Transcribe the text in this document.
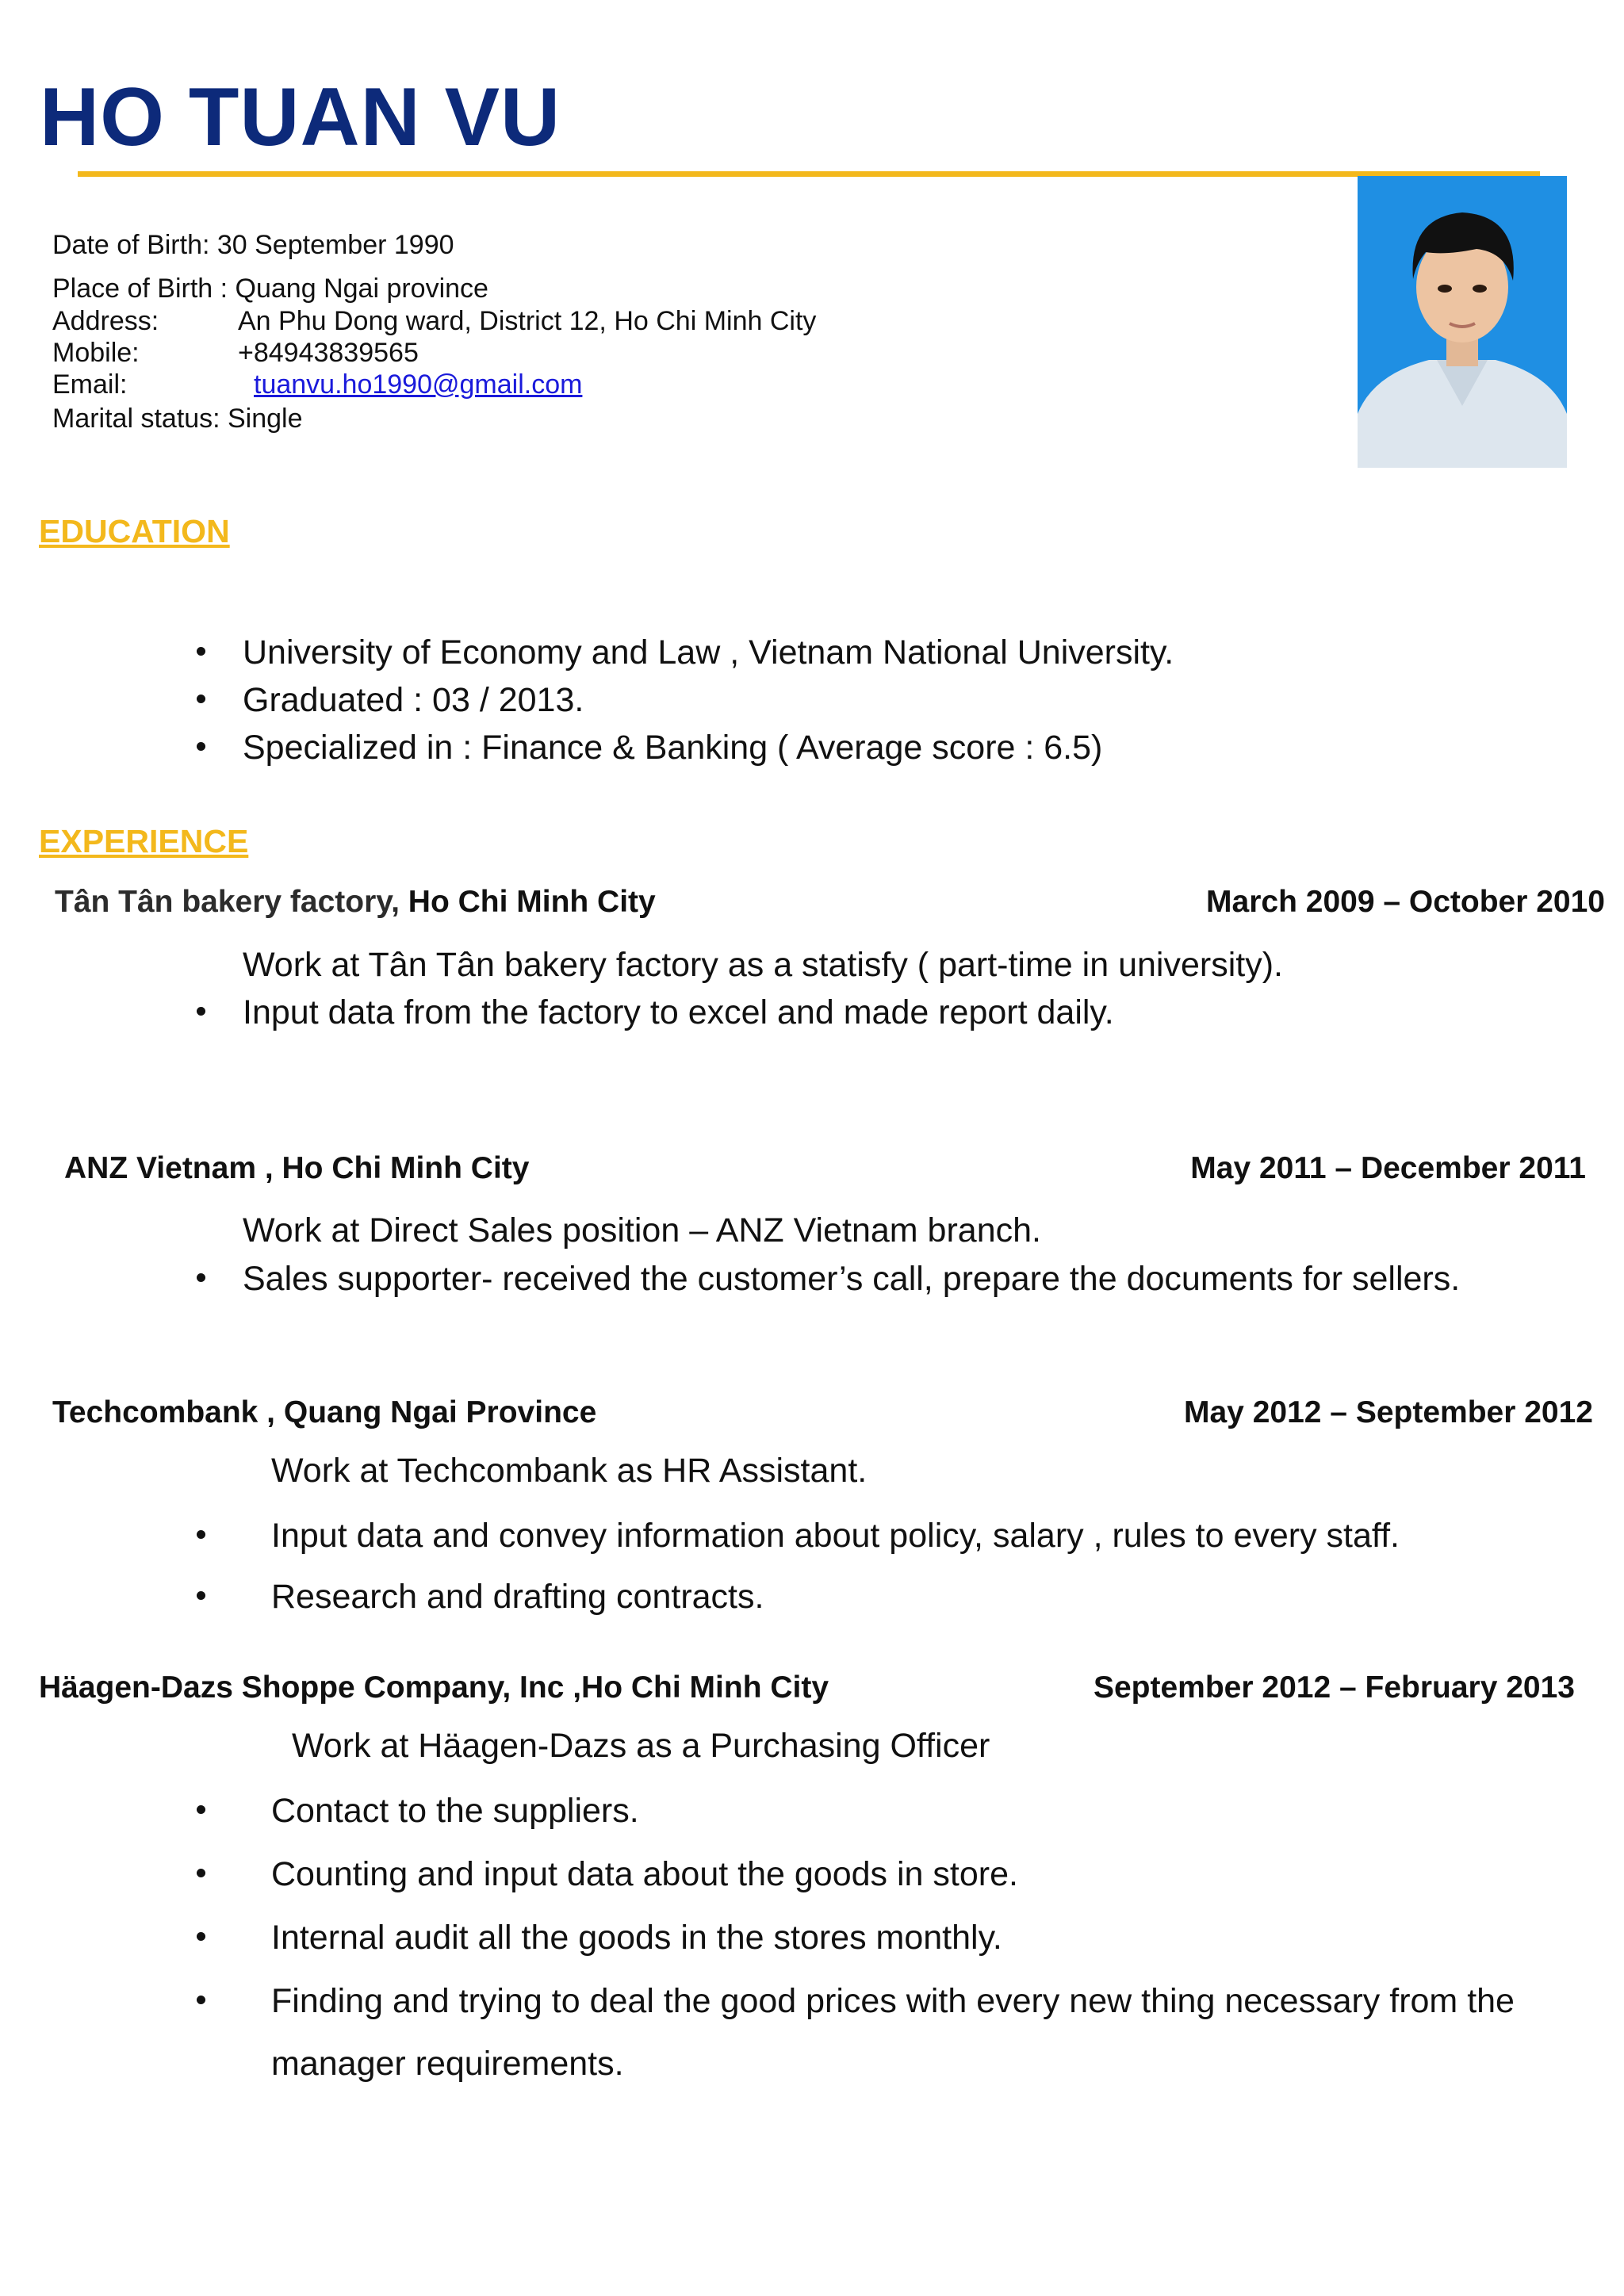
HO TUAN VU
Date of Birth: 30 September 1990
Place of Birth : Quang Ngai province
Address:	An Phu Dong ward, District 12, Ho Chi Minh City
Mobile:	+84943839565
Email:	tuanvu.ho1990@gmail.com
Marital status: Single
EDUCATION
University of Economy and Law , Vietnam National University.
Graduated : 03 / 2013.
Specialized in : Finance & Banking ( Average score : 6.5)
EXPERIENCE
Tân Tân bakery factory, Ho Chi Minh City	March 2009 – October 2010
Work at Tân Tân bakery factory as a statisfy ( part-time in university).
Input data from the factory to excel and made report daily.
ANZ Vietnam , Ho Chi Minh City	May 2011 – December 2011
Work at Direct Sales position – ANZ Vietnam branch.
Sales supporter- received the customer’s call, prepare the documents for sellers.
Techcombank , Quang Ngai Province	May 2012 – September 2012
Work at Techcombank as HR Assistant.
Input data and convey information about policy, salary , rules to every staff.
Research and drafting contracts.
Häagen-Dazs Shoppe Company, Inc ,Ho Chi Minh City	September 2012 – February 2013
Work at Häagen-Dazs as a Purchasing Officer
Contact to the suppliers.
Counting and input data about the goods in store.
Internal audit all the goods in the stores monthly.
Finding and trying to deal the good prices with every new thing necessary from the
manager requirements.
